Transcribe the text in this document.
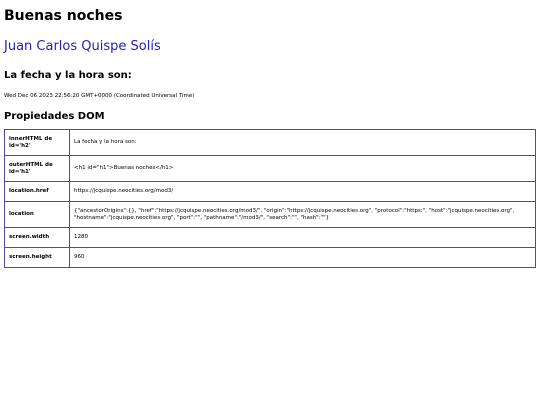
Buenas noches
Juan Carlos Quispe Solís
La fecha y la hora son:
Wed Dec 06 2023 22:56:20 GMT+0000 (Coordinated Universal Time)
Propiedades DOM
innerHTML de id='h2'	La fecha y la hora son:
outerHTML de id='h1'	<h1 id="h1">Buenas noches</h1>
location.href	https://jcquispe.neocities.org/mod3/
location	{"ancestorOrigins":{}, "href":"https://jcquispe.neocities.org/mod3/", "origin":"https://jcquispe.neocities.org", "protocol":"https:", "host":"jcquispe.neocities.org", "hostname":"jcquispe.neocities.org", "port":"", "pathname":"/mod3/", "search":"", "hash":""}
screen.width	1280
screen.height	960
